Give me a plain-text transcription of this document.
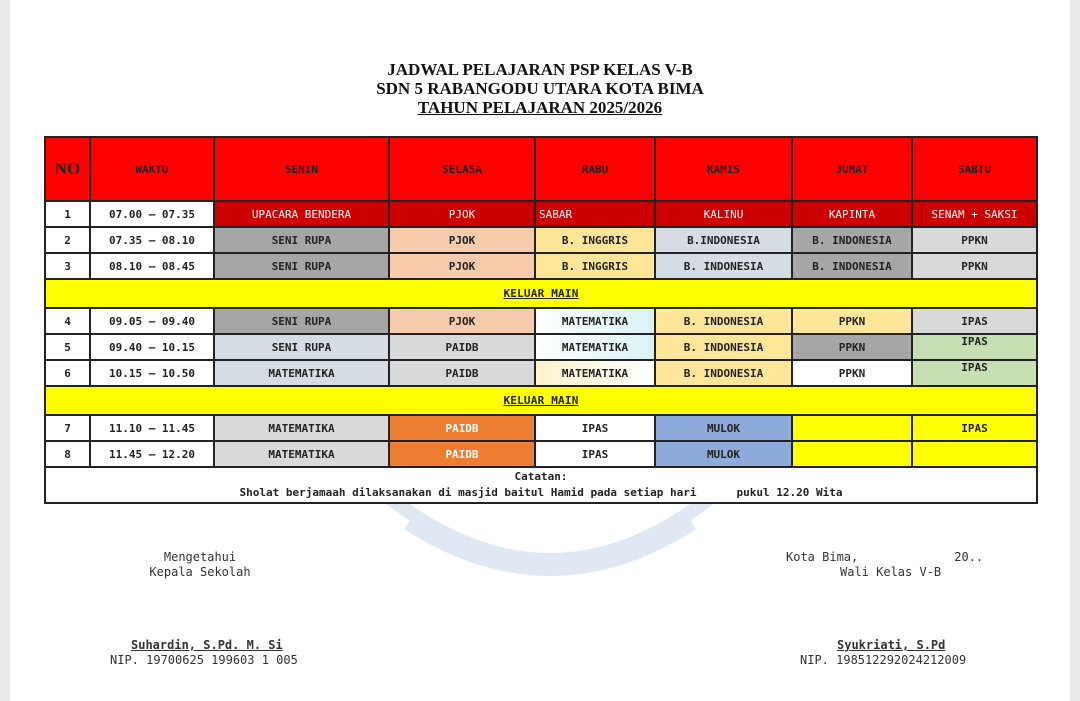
JADWAL PELAJARAN PSP KELAS V-B
SDN 5 RABANGODU UTARA KOTA BIMA
TAHUN PELAJARAN 2025/2026
NO	WAKTU	SENIN	SELASA	RABU	KAMIS	JUMAT	SABTU
1	07.00 – 07.35	UPACARA BENDERA	PJOK	SABAR	KALINU	KAPINTA	SENAM + SAKSI
2	07.35 – 08.10	SENI RUPA	PJOK	B. INGGRIS	B.INDONESIA	B. INDONESIA	PPKN
3	08.10 – 08.45	SENI RUPA	PJOK	B. INGGRIS	B. INDONESIA	B. INDONESIA	PPKN
KELUAR MAIN							
4	09.05 – 09.40	SENI RUPA	PJOK	MATEMATIKA	B. INDONESIA	PPKN	IPAS
5	09.40 – 10.15	SENI RUPA	PAIDB	MATEMATIKA	B. INDONESIA	PPKN	IPAS
6	10.15 – 10.50	MATEMATIKA	PAIDB	MATEMATIKA	B. INDONESIA	PPKN	IPAS
KELUAR MAIN							
7	11.10 – 11.45	MATEMATIKA	PAIDB	IPAS	MULOK		IPAS
8	11.45 – 12.20	MATEMATIKA	PAIDB	IPAS	MULOK		

Catatan:
Sholat berjamaah dilaksanakan di masjid baitul Hamid pada setiap hari pukul 12.20 Wita							
Mengetahui
Kepala Sekolah
Suhardin, S.Pd. M. Si
NIP. 19700625 199603 1 005
Kota Bima,	20..
Wali Kelas V-B
Syukriati, S.Pd
NIP. 198512292024212009
